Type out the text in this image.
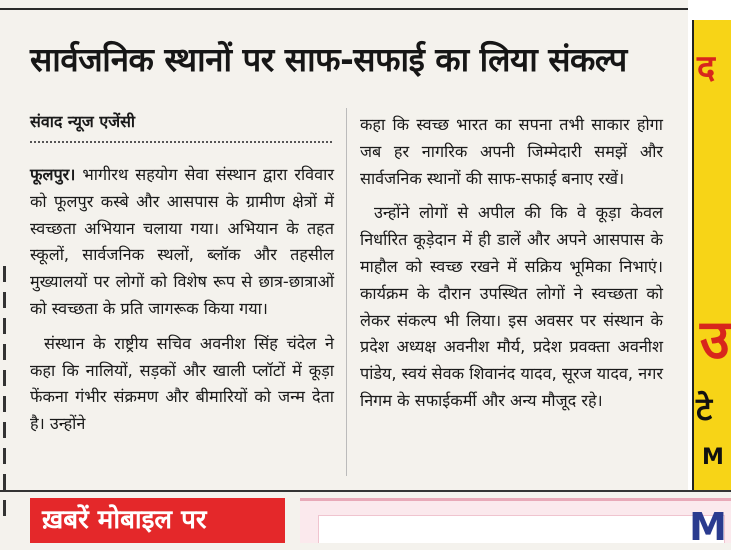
सार्वजनिक स्थानों पर साफ-सफाई का लिया संकल्प
संवाद न्यूज एजेंसी

फूलपुर। भागीरथ सहयोग सेवा संस्थान द्वारा रविवार को फूलपुर कस्बे और आसपास के ग्रामीण क्षेत्रों में स्वच्छता अभियान चलाया गया। अभियान के तहत स्कूलों, सार्वजनिक स्थलों, ब्लॉक और तहसील मुख्यालयों पर लोगों को विशेष रूप से छात्र-छात्राओं को स्वच्छता के प्रति जागरूक किया गया।

संस्थान के राष्ट्रीय सचिव अवनीश सिंह चंदेल ने कहा कि नालियों, सड़कों और खाली प्लॉटों में कूड़ा फेंकना गंभीर संक्रमण और बीमारियों को जन्म देता है। उन्होंने

कहा कि स्वच्छ भारत का सपना तभी साकार होगा जब हर नागरिक अपनी जिम्मेदारी समझें और सार्वजनिक स्थानों की साफ-सफाई बनाए रखें।

उन्होंने लोगों से अपील की कि वे कूड़ा केवल निर्धारित कूड़ेदान में ही डालें और अपने आसपास के माहौल को स्वच्छ रखने में सक्रिय भूमिका निभाएं। कार्यक्रम के दौरान उपस्थित लोगों ने स्वच्छता को लेकर संकल्प भी लिया। इस अवसर पर संस्थान के प्रदेश अध्यक्ष अवनीश मौर्य, प्रदेश प्रवक्ता अवनीश पांडेय, स्वयं सेवक शिवानंद यादव, सूरज यादव, नगर निगम के सफाईकर्मी और अन्य मौजूद रहे।

द
उ
टे
M
ख़बरें मोबाइल पर	M
